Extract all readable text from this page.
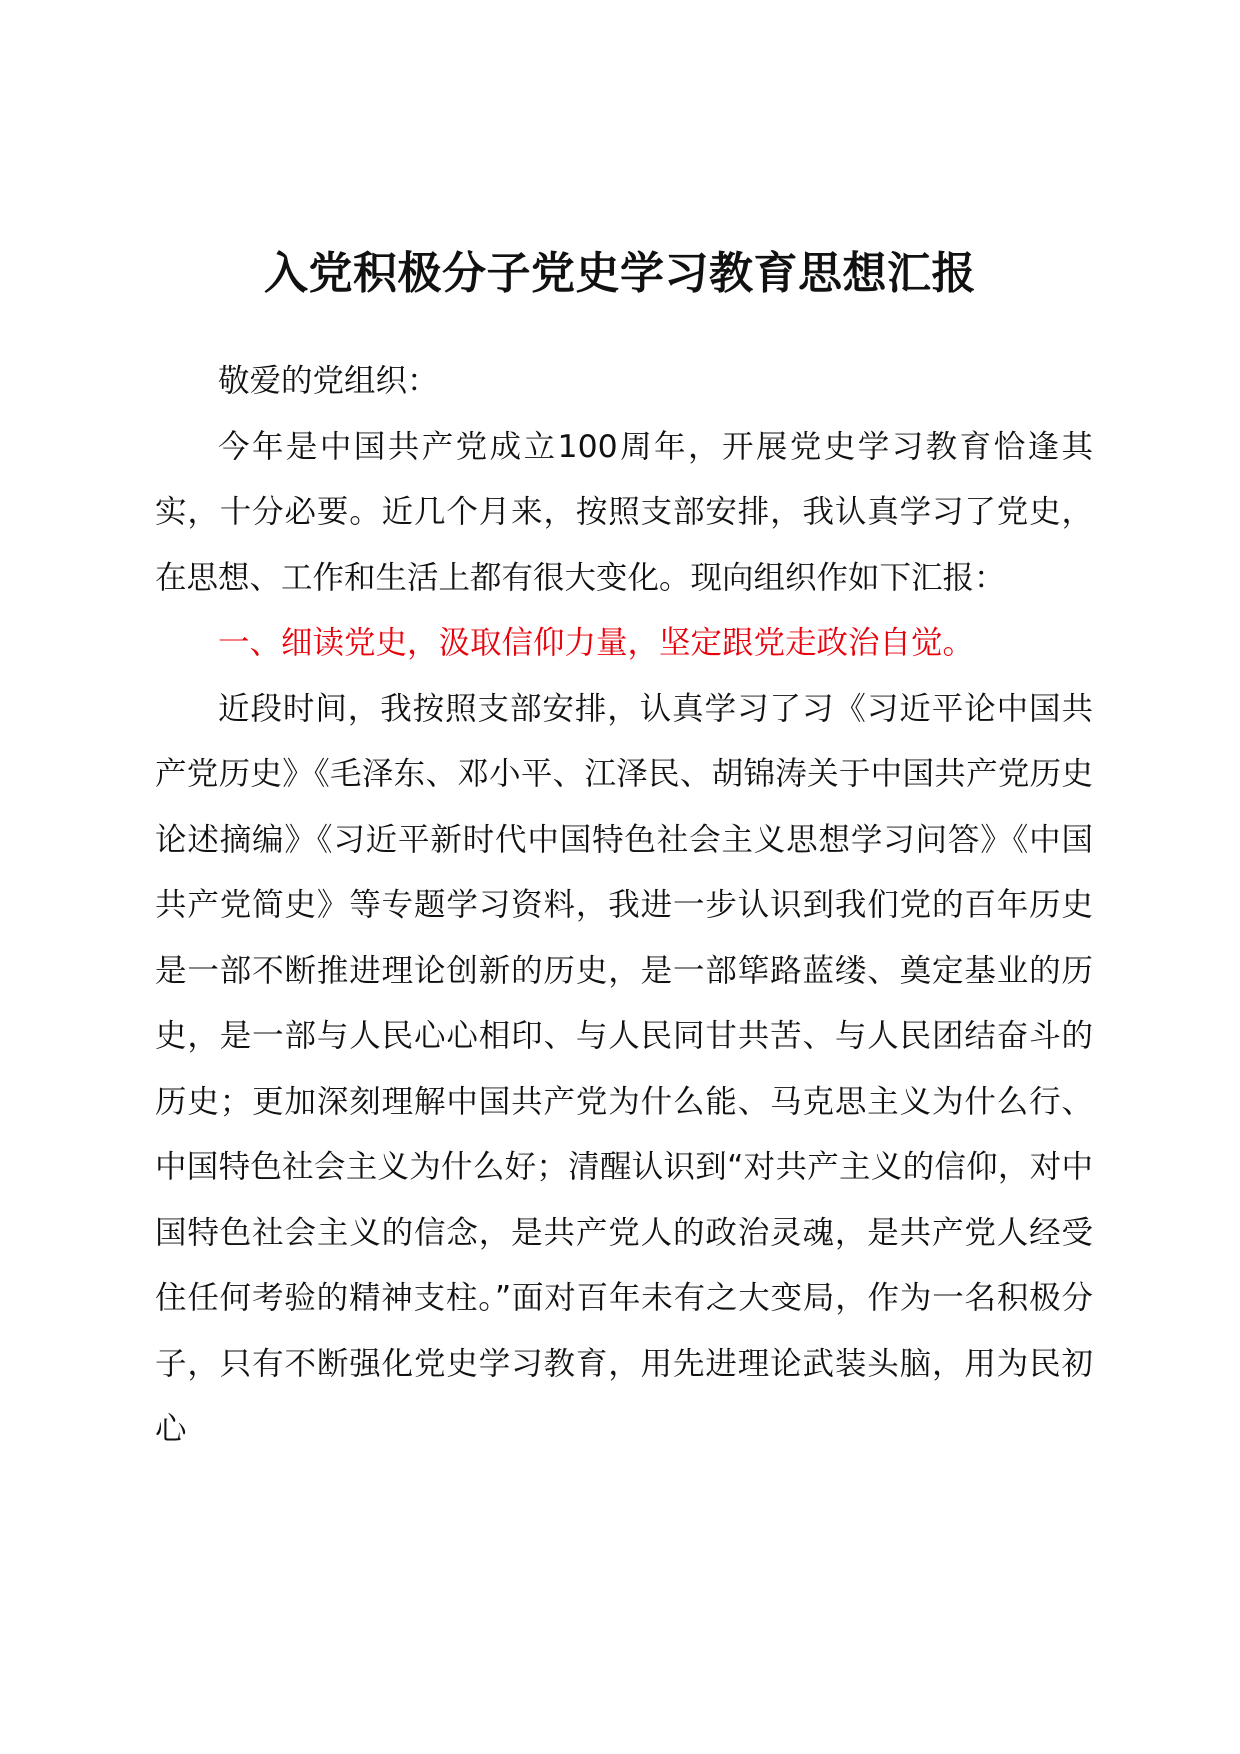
入党积极分子党史学习教育思想汇报

敬爱的党组织：

今年是中国共产党成立100周年，开展党史学习教育恰逢其实，十分必要。近几个月来，按照支部安排，我认真学习了党史，在思想、工作和生活上都有很大变化。现向组织作如下汇报：

一、细读党史，汲取信仰力量，坚定跟党走政治自觉。

近段时间，我按照支部安排，认真学习了习《习近平论中国共产党历史》《毛泽东、邓小平、江泽民、胡锦涛关于中国共产党历史论述摘编》《习近平新时代中国特色社会主义思想学习问答》《中国共产党简史》等专题学习资料，我进一步认识到我们党的百年历史是一部不断推进理论创新的历史，是一部筚路蓝缕、奠定基业的历史，是一部与人民心心相印、与人民同甘共苦、与人民团结奋斗的历史；更加深刻理解中国共产党为什么能、马克思主义为什么行、中国特色社会主义为什么好；清醒认识到“对共产主义的信仰，对中国特色社会主义的信念，是共产党人的政治灵魂，是共产党人经受住任何考验的精神支柱。”面对百年未有之大变局，作为一名积极分子，只有不断强化党史学习教育，用先进理论武装头脑，用为民初心
